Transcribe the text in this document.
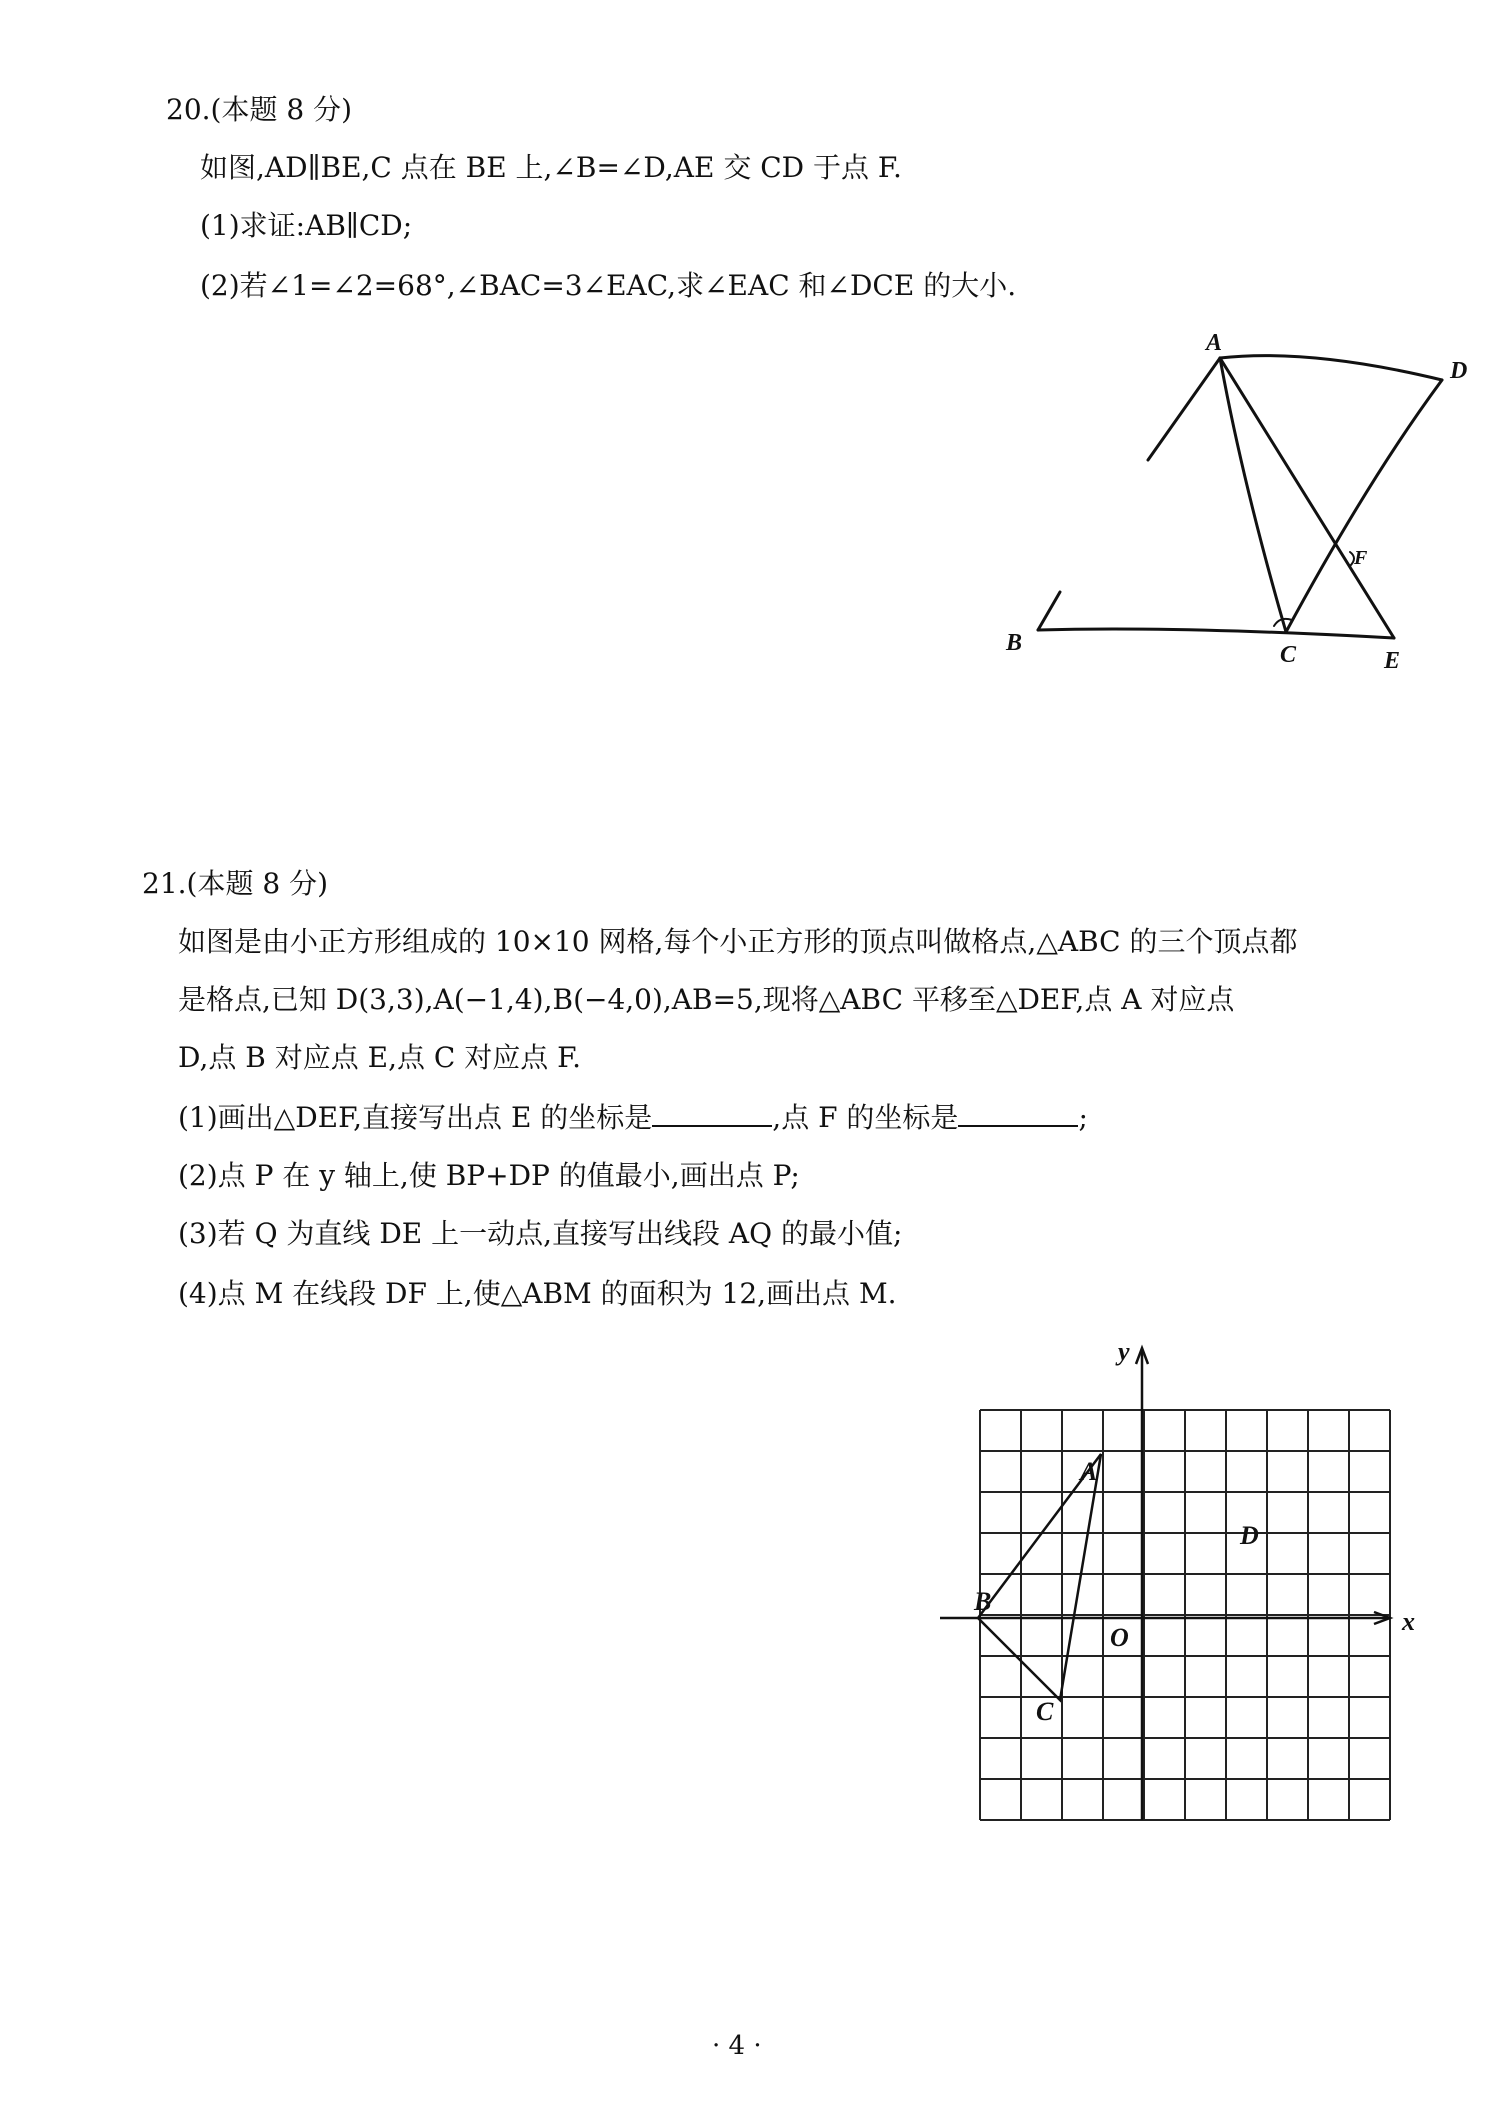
20.(本题 8 分)
如图,AD∥BE,C 点在 BE 上,∠B=∠D,AE 交 CD 于点 F.
(1)求证:AB∥CD;
(2)若∠1=∠2=68°,∠BAC=3∠EAC,求∠EAC 和∠DCE 的大小.
A
D
F
B	C	E
21.(本题 8 分)
如图是由小正方形组成的 10×10 网格,每个小正方形的顶点叫做格点,△ABC 的三个顶点都
是格点,已知 D(3,3),A(−1,4),B(−4,0),AB=5,现将△ABC 平移至△DEF,点 A 对应点
D,点 B 对应点 E,点 C 对应点 F.
(1)画出△DEF,直接写出点 E 的坐标是	,点 F 的坐标是	;
(2)点 P 在 y 轴上,使 BP+DP 的值最小,画出点 P;
(3)若 Q 为直线 DE 上一动点,直接写出线段 AQ 的最小值;
(4)点 M 在线段 DF 上,使△ABM 的面积为 12,画出点 M.
y
x
O
A
B
C
D
· 4 ·
